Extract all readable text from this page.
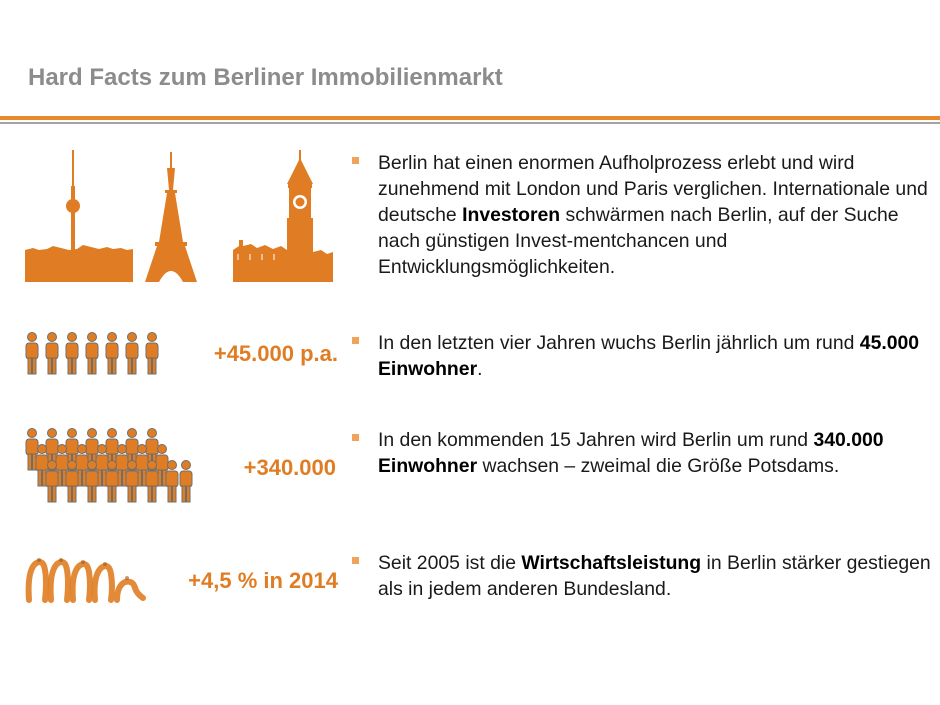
Hard Facts zum Berliner Immobilienmarkt
+45.000 p.a.
+340.000
+4,5 % in 2014

Berlin hat einen enormen Aufholprozess erlebt und wird zunehmend mit London und Paris verglichen. Internationale und deutsche Investoren schwärmen nach Berlin, auf der Suche nach günstigen Invest-mentchancen und Entwicklungsmöglichkeiten.

In den letzten vier Jahren wuchs Berlin jährlich um rund 45.000 Einwohner.

In den kommenden 15 Jahren wird Berlin um rund 340.000 Einwohner wachsen – zweimal die Größe Potsdams.

Seit 2005 ist die Wirtschaftsleistung in Berlin stärker gestiegen als in jedem anderen Bundesland.
